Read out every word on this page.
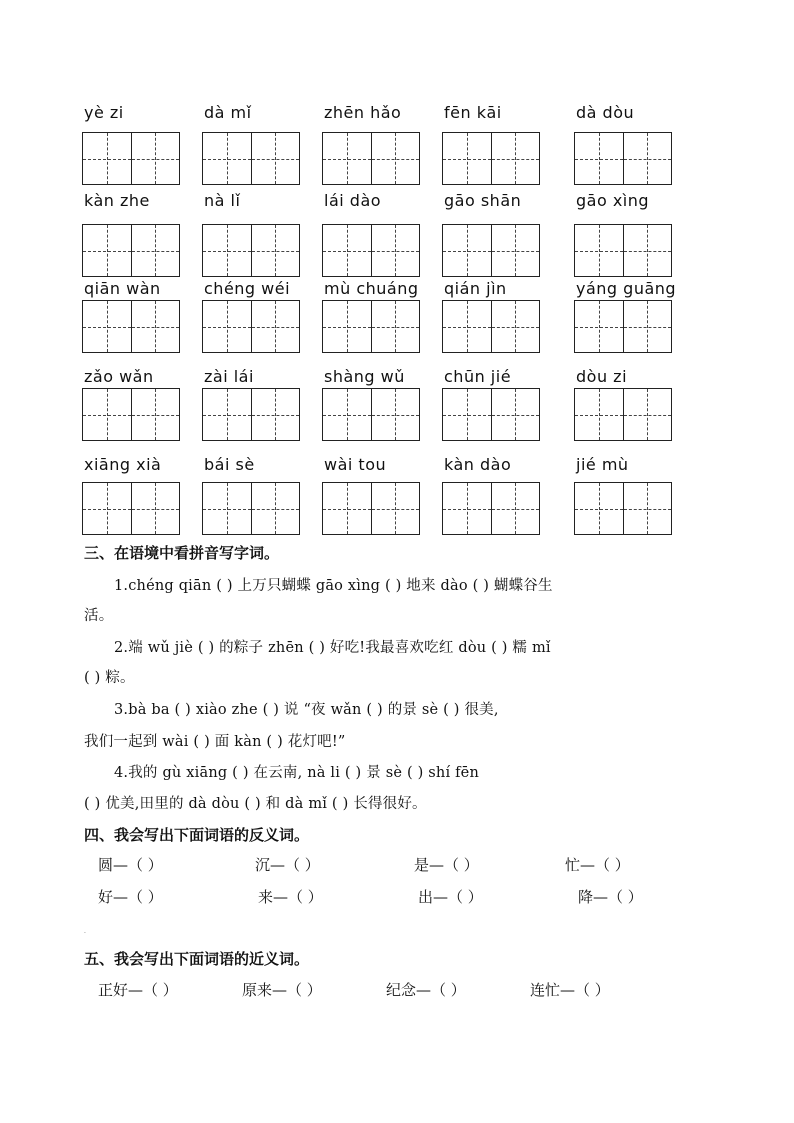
yè zi	dà mǐ	zhēn hǎo	fēn kāi	dà dòu
kàn zhe	nà lǐ	lái dào	gāo shān	gāo xìng
qiān wàn	chéng wéi	mù chuáng	qián jìn	yáng guāng
zǎo wǎn	zài lái	shàng wǔ	chūn jié	dòu zi
xiāng xià	bái sè	wài tou	kàn dào	jié mù
三、在语境中看拼音写字词。
1.chéng qiān ( ) 上万只蝴蝶 gāo xìng ( ) 地来 dào ( ) 蝴蝶谷生
活。
2.端 wǔ jiè ( ) 的粽子 zhēn ( ) 好吃!我最喜欢吃红 dòu ( ) 糯 mǐ
( ) 粽。
3.bà ba ( ) xiào zhe ( ) 说 “夜 wǎn ( ) 的景 sè ( ) 很美,
我们一起到 wài ( ) 面 kàn ( ) 花灯吧!”
4.我的 gù xiāng ( ) 在云南, nà li ( ) 景 sè ( ) shí fēn
( ) 优美,田里的 dà dòu ( ) 和 dà mǐ ( ) 长得很好。
四、我会写出下面词语的反义词。
圆—（ ）	沉—（ ）	是—（ ）	忙—（ ）
好—（ ）	来—（ ）	出—（ ）	降—（ ）
.
五、我会写出下面词语的近义词。
正好—（ ）	原来—（ ）	纪念—（ ）	连忙—（ ）
